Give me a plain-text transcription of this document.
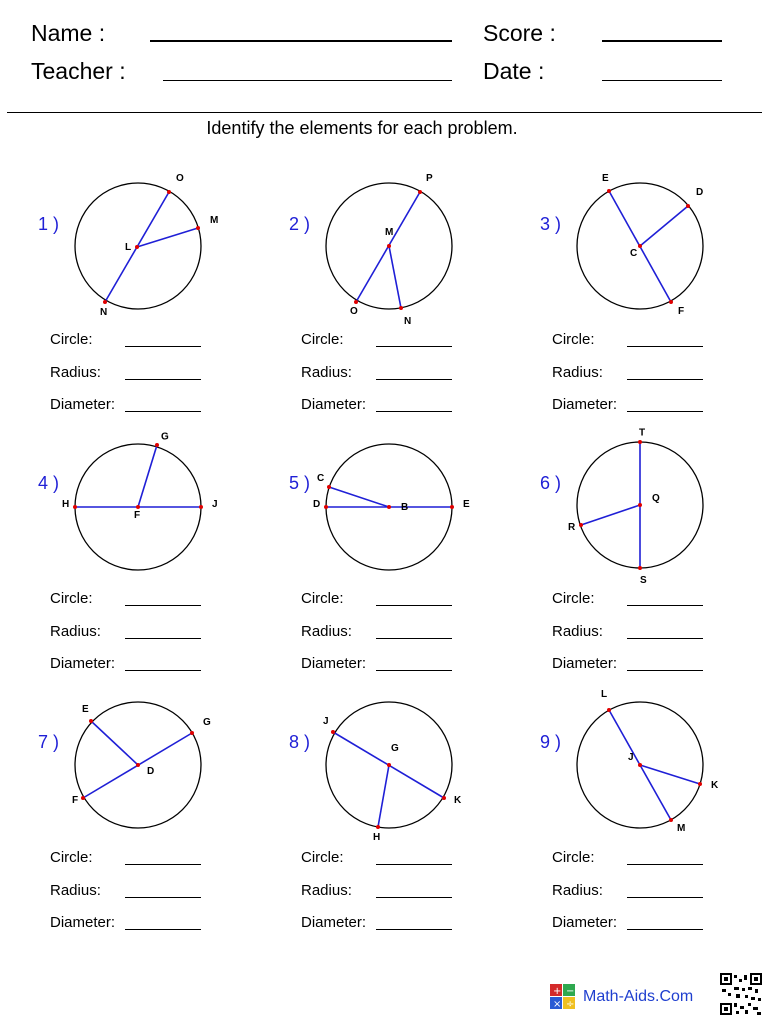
Name :	Score :
Teacher :	Date :
Identify the elements for each problem.
1 )
O
M
L
N
Circle:
Radius:
Diameter:
2 )
P
M
O
N
Circle:
Radius:
Diameter:
3 )
E
D
C
F
Circle:
Radius:
Diameter:
4 )
G
H
F
J
Circle:
Radius:
Diameter:
5 ) C
D	B	E
Circle:
Radius:
Diameter:
6 )
T
Q
R
S
Circle:
Radius:
Diameter:
7 )
E
G
D
F
Circle:
Radius:
Diameter:
8 )
J
G
K
H
Circle:
Radius:
Diameter:
9 )
L
J
K
M
Circle:
Radius:
Diameter:
+ −
× ÷ Math-Aids.Com
